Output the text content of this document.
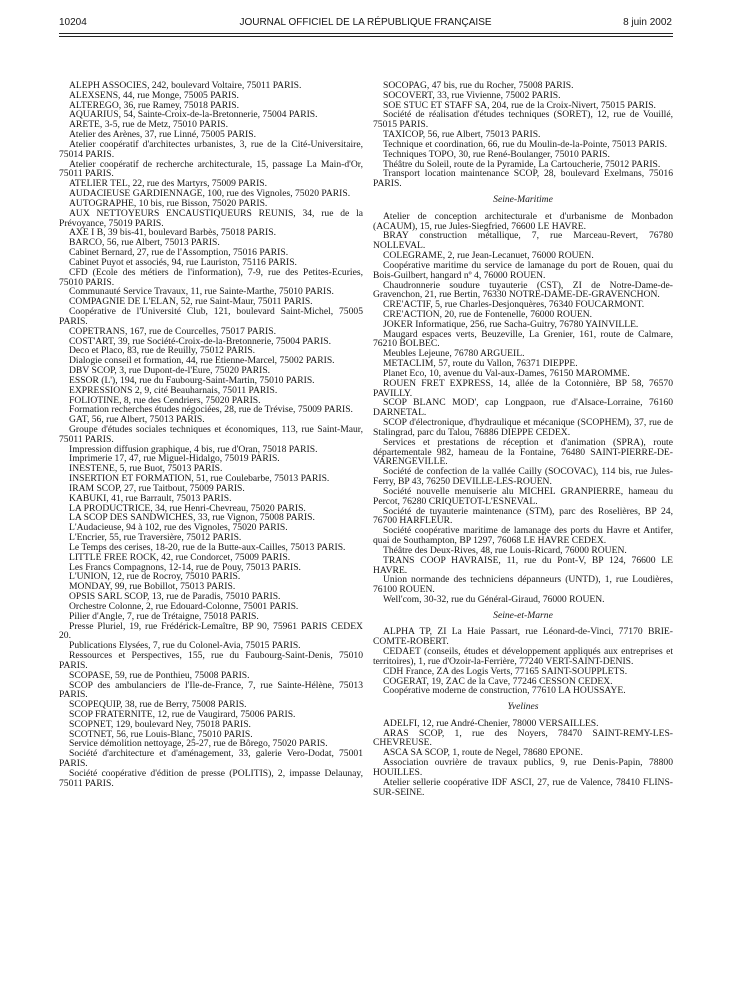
10204	JOURNAL OFFICIEL DE LA RÉPUBLIQUE FRANÇAISE	8 juin 2002

ALEPH ASSOCIES, 242, boulevard Voltaire, 75011 PARIS.

ALEXSENS, 44, rue Monge, 75005 PARIS.

ALTEREGO, 36, rue Ramey, 75018 PARIS.

AQUARIUS, 54, Sainte-Croix-de-la-Bretonnerie, 75004 PARIS.

ARETE, 3-5, rue de Metz, 75010 PARIS.

Atelier des Arènes, 37, rue Linné, 75005 PARIS.

Atelier coopératif d'architectes urbanistes, 3, rue de la Cité-Universitaire, 75014 PARIS.

Atelier coopératif de recherche architecturale, 15, passage La Main-d'Or, 75011 PARIS.

ATELIER TEL, 22, rue des Martyrs, 75009 PARIS.

AUDACIEUSE GARDIENNAGE, 100, rue des Vignoles, 75020 PARIS.

AUTOGRAPHE, 10 bis, rue Bisson, 75020 PARIS.

AUX NETTOYEURS ENCAUSTIQUEURS REUNIS, 34, rue de la Prévoyance, 75019 PARIS.

AXE I B, 39 bis-41, boulevard Barbès, 75018 PARIS.

BARCO, 56, rue Albert, 75013 PARIS.

Cabinet Bernard, 27, rue de l'Assomption, 75016 PARIS.

Cabinet Puyot et associés, 94, rue Lauriston, 75116 PARIS.

CFD (Ecole des métiers de l'information), 7-9, rue des Petites-Ecuries, 75010 PARIS.

Communauté Service Travaux, 11, rue Sainte-Marthe, 75010 PARIS.

COMPAGNIE DE L'ELAN, 52, rue Saint-Maur, 75011 PARIS.

Coopérative de l'Université Club, 121, boulevard Saint-Michel, 75005 PARIS.

COPETRANS, 167, rue de Courcelles, 75017 PARIS.

COST'ART, 39, rue Société-Croix-de-la-Bretonnerie, 75004 PARIS.

Deco et Placo, 83, rue de Reuilly, 75012 PARIS.

Dialogie conseil et formation, 44, rue Etienne-Marcel, 75002 PARIS.

DBV SCOP, 3, rue Dupont-de-l'Eure, 75020 PARIS.

ESSOR (L'), 194, rue du Faubourg-Saint-Martin, 75010 PARIS.

EXPRESSIONS 2, 9, cité Beauharnais, 75011 PARIS.

FOLIOTINE, 8, rue des Cendriers, 75020 PARIS.

Formation recherches études négociées, 28, rue de Trévise, 75009 PARIS.

GAT, 56, rue Albert, 75013 PARIS.

Groupe d'études sociales techniques et économiques, 113, rue Saint-Maur, 75011 PARIS.

Impression diffusion graphique, 4 bis, rue d'Oran, 75018 PARIS.

Imprimerie 17, 47, rue Miguel-Hidalgo, 75019 PARIS.

INESTENE, 5, rue Buot, 75013 PARIS.

INSERTION ET FORMATION, 51, rue Coulebarbe, 75013 PARIS.

IRAM SCOP, 27, rue Taitbout, 75009 PARIS.

KABUKI, 41, rue Barrault, 75013 PARIS.

LA PRODUCTRICE, 34, rue Henri-Chevreau, 75020 PARIS.

LA SCOP DES SANDWICHES, 33, rue Vignon, 75008 PARIS.

L'Audacieuse, 94 à 102, rue des Vignoles, 75020 PARIS.

L'Encrier, 55, rue Traversière, 75012 PARIS.

Le Temps des cerises, 18-20, rue de la Butte-aux-Cailles, 75013 PARIS.

LITTLE FREE ROCK, 42, rue Condorcet, 75009 PARIS.

Les Francs Compagnons, 12-14, rue de Pouy, 75013 PARIS.

L'UNION, 12, rue de Rocroy, 75010 PARIS.

MONDAY, 99, rue Bobillot, 75013 PARIS.

OPSIS SARL SCOP, 13, rue de Paradis, 75010 PARIS.

Orchestre Colonne, 2, rue Edouard-Colonne, 75001 PARIS.

Pilier d'Angle, 7, rue de Trétaigne, 75018 PARIS.

Presse Pluriel, 19, rue Frédérick-Lemaître, BP 90, 75961 PARIS CEDEX 20.

Publications Elysées, 7, rue du Colonel-Avia, 75015 PARIS.

Ressources et Perspectives, 155, rue du Faubourg-Saint-Denis, 75010 PARIS.

SCOPASE, 59, rue de Ponthieu, 75008 PARIS.

SCOP des ambulanciers de l'Ile-de-France, 7, rue Sainte-Hélène, 75013 PARIS.

SCOPEQUIP, 38, rue de Berry, 75008 PARIS.

SCOP FRATERNITE, 12, rue de Vaugirard, 75006 PARIS.

SCOPNET, 129, boulevard Ney, 75018 PARIS.

SCOTNET, 56, rue Louis-Blanc, 75010 PARIS.

Service démolition nettoyage, 25-27, rue de Bôrego, 75020 PARIS.

Société d'architecture et d'aménagement, 33, galerie Vero-Dodat, 75001 PARIS.

Société coopérative d'édition de presse (POLITIS), 2, impasse Delaunay, 75011 PARIS.

SOCOPAG, 47 bis, rue du Rocher, 75008 PARIS.

SOCOVERT, 33, rue Vivienne, 75002 PARIS.

SOE STUC ET STAFF SA, 204, rue de la Croix-Nivert, 75015 PARIS.

Société de réalisation d'études techniques (SORET), 12, rue de Vouillé, 75015 PARIS.

TAXICOP, 56, rue Albert, 75013 PARIS.

Technique et coordination, 66, rue du Moulin-de-la-Pointe, 75013 PARIS.

Techniques TOPO, 30, rue René-Boulanger, 75010 PARIS.

Théâtre du Soleil, route de la Pyramide, La Cartoucherie, 75012 PARIS.

Transport location maintenance SCOP, 28, boulevard Exelmans, 75016 PARIS.

Seine-Maritime

Atelier de conception architecturale et d'urbanisme de Monbadon (ACAUM), 15, rue Jules-Siegfried, 76600 LE HAVRE.

BRAY construction métallique, 7, rue Marceau-Revert, 76780 NOLLEVAL.

COLEGRAME, 2, rue Jean-Lecanuet, 76000 ROUEN.

Coopérative maritime du service de lamanage du port de Rouen, quai du Bois-Guilbert, hangard nº 4, 76000 ROUEN.

Chaudronnerie soudure tuyauterie (CST), ZI de Notre-Dame-de-Gravenchon, 21, rue Bertin, 76330 NOTRE-DAME-DE-GRAVENCHON.

CRE'ACTIF, 5, rue Charles-Desjonquères, 76340 FOUCARMONT.

CRE'ACTION, 20, rue de Fontenelle, 76000 ROUEN.

JOKER Informatique, 256, rue Sacha-Guitry, 76780 YAINVILLE.

Maugard espaces verts, Beuzeville, La Grenier, 161, route de Calmare, 76210 BOLBEC.

Meubles Lejeune, 76780 ARGUEIL.

METACLIM, 57, route du Vallon, 76371 DIEPPE.

Planet Eco, 10, avenue du Val-aux-Dames, 76150 MAROMME.

ROUEN FRET EXPRESS, 14, allée de la Cotonnière, BP 58, 76570 PAVILLY.

SCOP BLANC MOD', cap Longpaon, rue d'Alsace-Lorraine, 76160 DARNETAL.

SCOP d'électronique, d'hydraulique et mécanique (SCOPHEM), 37, rue de Stalingrad, parc du Talou, 76886 DIEPPE CEDEX.

Services et prestations de réception et d'animation (SPRA), route départementale 982, hameau de la Fontaine, 76480 SAINT-PIERRE-DE-VARENGEVILLE.

Société de confection de la vallée Cailly (SOCOVAC), 114 bis, rue Jules-Ferry, BP 43, 76250 DEVILLE-LES-ROUEN.

Société nouvelle menuiserie alu MICHEL GRANPIERRE, hameau du Percot, 76280 CRIQUETOT-L'ESNEVAL.

Société de tuyauterie maintenance (STM), parc des Roselières, BP 24, 76700 HARFLEUR.

Société coopérative maritime de lamanage des ports du Havre et Antifer, quai de Southampton, BP 1297, 76068 LE HAVRE CEDEX.

Théâtre des Deux-Rives, 48, rue Louis-Ricard, 76000 ROUEN.

TRANS COOP HAVRAISE, 11, rue du Pont-V, BP 124, 76600 LE HAVRE.

Union normande des techniciens dépanneurs (UNTD), 1, rue Loudières, 76100 ROUEN.

Well'com, 30-32, rue du Général-Giraud, 76000 ROUEN.

Seine-et-Marne

ALPHA TP, ZI La Haie Passart, rue Léonard-de-Vinci, 77170 BRIE-COMTE-ROBERT.

CEDAET (conseils, études et développement appliqués aux entreprises et territoires), 1, rue d'Ozoir-la-Ferrière, 77240 VERT-SAINT-DENIS.

CDH France, ZA des Logis Verts, 77165 SAINT-SOUPPLETS.

COGERAT, 19, ZAC de la Cave, 77246 CESSON CEDEX.

Coopérative moderne de construction, 77610 LA HOUSSAYE.

Yvelines

ADELFI, 12, rue André-Chenier, 78000 VERSAILLES.

ARAS SCOP, 1, rue des Noyers, 78470 SAINT-REMY-LES-CHEVREUSE.

ASCA SA SCOP, 1, route de Negel, 78680 EPONE.

Association ouvrière de travaux publics, 9, rue Denis-Papin, 78800 HOUILLES.

Atelier sellerie coopérative IDF ASCI, 27, rue de Valence, 78410 FLINS-SUR-SEINE.
